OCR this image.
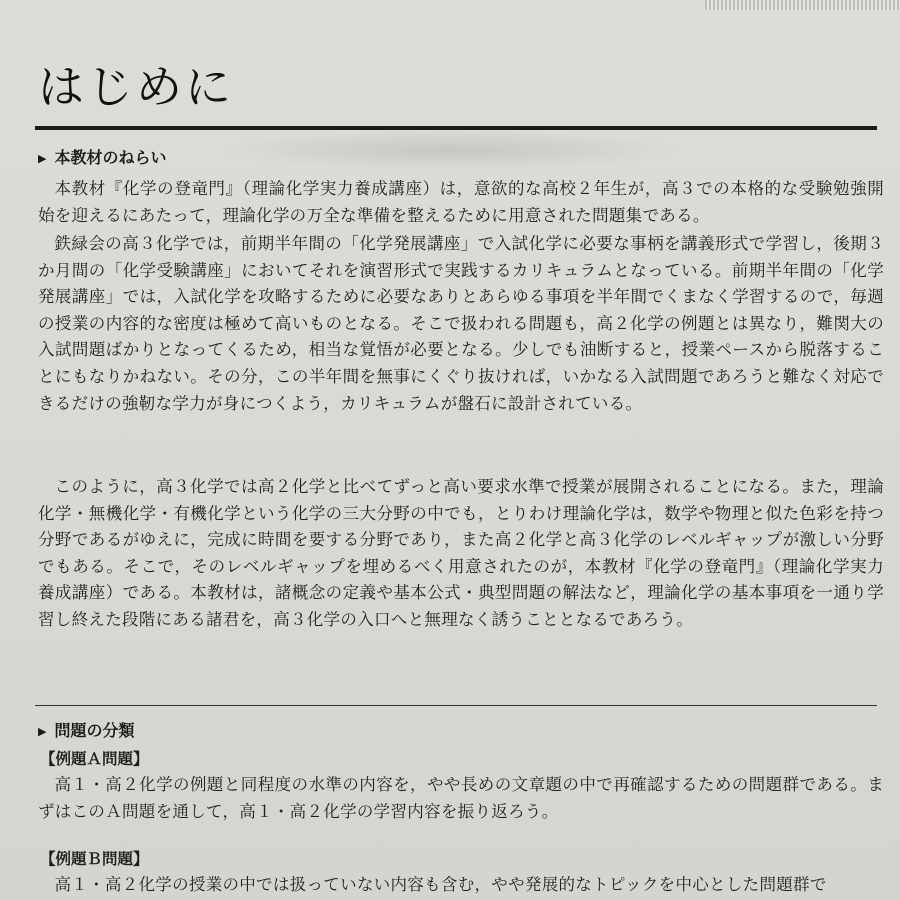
はじめに
▶ 本教材のねらい

本教材『化学の登竜門』（理論化学実力養成講座）は，意欲的な高校２年生が，高３での本格的な受験勉強開始を迎えるにあたって，理論化学の万全な準備を整えるために用意された問題集である。

鉄緑会の高３化学では，前期半年間の「化学発展講座」で入試化学に必要な事柄を講義形式で学習し，後期３か月間の「化学受験講座」においてそれを演習形式で実践するカリキュラムとなっている。前期半年間の「化学発展講座」では，入試化学を攻略するために必要なありとあらゆる事項を半年間でくまなく学習するので，毎週の授業の内容的な密度は極めて高いものとなる。そこで扱われる問題も，高２化学の例題とは異なり，難関大の入試問題ばかりとなってくるため，相当な覚悟が必要となる。少しでも油断すると，授業ペースから脱落することにもなりかねない。その分，この半年間を無事にくぐり抜ければ，いかなる入試問題であろうと難なく対応できるだけの強靭な学力が身につくよう，カリキュラムが盤石に設計されている。

このように，高３化学では高２化学と比べてずっと高い要求水準で授業が展開されることになる。また，理論化学・無機化学・有機化学という化学の三大分野の中でも，とりわけ理論化学は，数学や物理と似た色彩を持つ分野であるがゆえに，完成に時間を要する分野であり，また高２化学と高３化学のレベルギャップが激しい分野でもある。そこで，そのレベルギャップを埋めるべく用意されたのが，本教材『化学の登竜門』（理論化学実力養成講座）である。本教材は，諸概念の定義や基本公式・典型問題の解法など，理論化学の基本事項を一通り学習し終えた段階にある諸君を，高３化学の入口へと無理なく誘うこととなるであろう。

▶ 問題の分類
【例題Ａ問題】

高１・高２化学の例題と同程度の水準の内容を，やや長めの文章題の中で再確認するための問題群である。まずはこのＡ問題を通して，高１・高２化学の学習内容を振り返ろう。

【例題Ｂ問題】

高１・高２化学の授業の中では扱っていない内容も含む，やや発展的なトピックを中心とした問題群で
